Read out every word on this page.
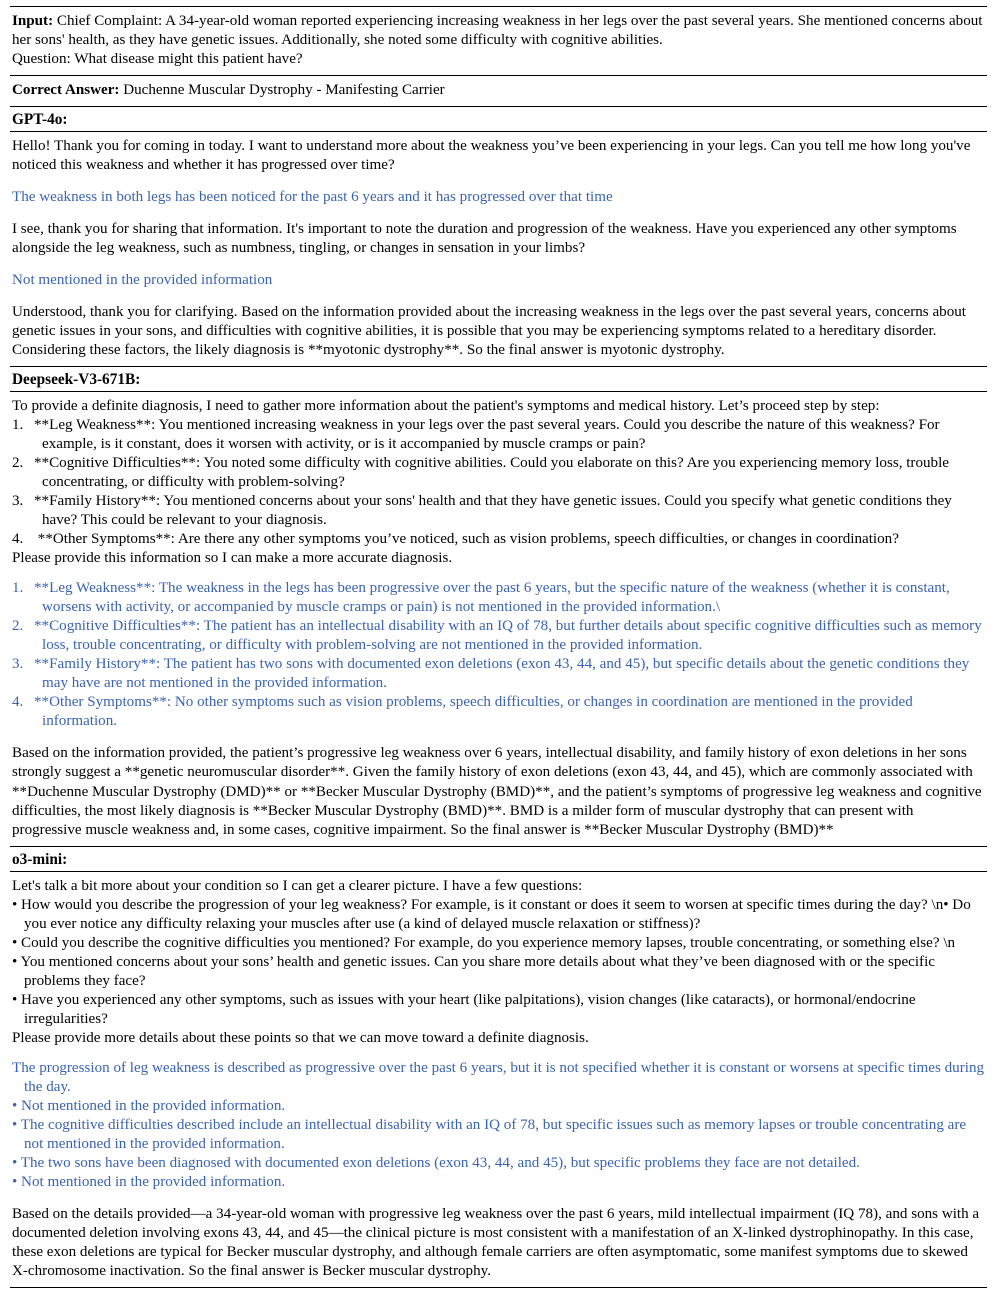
Input: Chief Complaint: A 34-year-old woman reported experiencing increasing weakness in her legs over the past several years. She mentioned concerns about her sons' health, as they have genetic issues. Additionally, she noted some difficulty with cognitive abilities.

Question: What disease might this patient have?

Correct Answer: Duchenne Muscular Dystrophy - Manifesting Carrier

GPT-4o:

Hello! Thank you for coming in today. I want to understand more about the weakness you’ve been experiencing in your legs. Can you tell me how long you've noticed this weakness and whether it has progressed over time?

The weakness in both legs has been noticed for the past 6 years and it has progressed over that time

I see, thank you for sharing that information. It's important to note the duration and progression of the weakness. Have you experienced any other symptoms alongside the leg weakness, such as numbness, tingling, or changes in sensation in your limbs?

Not mentioned in the provided information

Understood, thank you for clarifying. Based on the information provided about the increasing weakness in the legs over the past several years, concerns about genetic issues in your sons, and difficulties with cognitive abilities, it is possible that you may be experiencing symptoms related to a hereditary disorder. Considering these factors, the likely diagnosis is **myotonic dystrophy**. So the final answer is myotonic dystrophy.

Deepseek-V3-671B:

To provide a definite diagnosis, I need to gather more information about the patient's symptoms and medical history. Let’s proceed step by step:

1. **Leg Weakness**: You mentioned increasing weakness in your legs over the past several years. Could you describe the nature of this weakness? For example, is it constant, does it worsen with activity, or is it accompanied by muscle cramps or pain?
2. **Cognitive Difficulties**: You noted some difficulty with cognitive abilities. Could you elaborate on this? Are you experiencing memory loss, trouble concentrating, or difficulty with problem-solving?
3. **Family History**: You mentioned concerns about your sons' health and that they have genetic issues. Could you specify what genetic conditions they have? This could be relevant to your diagnosis.
4. **Other Symptoms**: Are there any other symptoms you’ve noticed, such as vision problems, speech difficulties, or changes in coordination?

Please provide this information so I can make a more accurate diagnosis.

1. **Leg Weakness**: The weakness in the legs has been progressive over the past 6 years, but the specific nature of the weakness (whether it is constant, worsens with activity, or accompanied by muscle cramps or pain) is not mentioned in the provided information.\
2. **Cognitive Difficulties**: The patient has an intellectual disability with an IQ of 78, but further details about specific cognitive difficulties such as memory loss, trouble concentrating, or difficulty with problem-solving are not mentioned in the provided information.
3. **Family History**: The patient has two sons with documented exon deletions (exon 43, 44, and 45), but specific details about the genetic conditions they may have are not mentioned in the provided information.
4. **Other Symptoms**: No other symptoms such as vision problems, speech difficulties, or changes in coordination are mentioned in the provided information.

Based on the information provided, the patient’s progressive leg weakness over 6 years, intellectual disability, and family history of exon deletions in her sons strongly suggest a **genetic neuromuscular disorder**. Given the family history of exon deletions (exon 43, 44, and 45), which are commonly associated with **Duchenne Muscular Dystrophy (DMD)** or **Becker Muscular Dystrophy (BMD)**, and the patient’s symptoms of progressive leg weakness and cognitive difficulties, the most likely diagnosis is **Becker Muscular Dystrophy (BMD)**. BMD is a milder form of muscular dystrophy that can present with progressive muscle weakness and, in some cases, cognitive impairment. So the final answer is **Becker Muscular Dystrophy (BMD)**

o3-mini:

Let's talk a bit more about your condition so I can get a clearer picture. I have a few questions:

• How would you describe the progression of your leg weakness? For example, is it constant or does it seem to worsen at specific times during the day? \n• Do you ever notice any difficulty relaxing your muscles after use (a kind of delayed muscle relaxation or stiffness)?
• Could you describe the cognitive difficulties you mentioned? For example, do you experience memory lapses, trouble concentrating, or something else? \n
• You mentioned concerns about your sons’ health and genetic issues. Can you share more details about what they’ve been diagnosed with or the specific problems they face?
• Have you experienced any other symptoms, such as issues with your heart (like palpitations), vision changes (like cataracts), or hormonal/endocrine irregularities?

Please provide more details about these points so that we can move toward a definite diagnosis.

The progression of leg weakness is described as progressive over the past 6 years, but it is not specified whether it is constant or worsens at specific times during the day.
• Not mentioned in the provided information.
• The cognitive difficulties described include an intellectual disability with an IQ of 78, but specific issues such as memory lapses or trouble concentrating are not mentioned in the provided information.
• The two sons have been diagnosed with documented exon deletions (exon 43, 44, and 45), but specific problems they face are not detailed.
• Not mentioned in the provided information.

Based on the details provided—a 34-year-old woman with progressive leg weakness over the past 6 years, mild intellectual impairment (IQ 78), and sons with a documented deletion involving exons 43, 44, and 45—the clinical picture is most consistent with a manifestation of an X-linked dystrophinopathy. In this case, these exon deletions are typical for Becker muscular dystrophy, and although female carriers are often asymptomatic, some manifest symptoms due to skewed X-chromosome inactivation. So the final answer is Becker muscular dystrophy.
